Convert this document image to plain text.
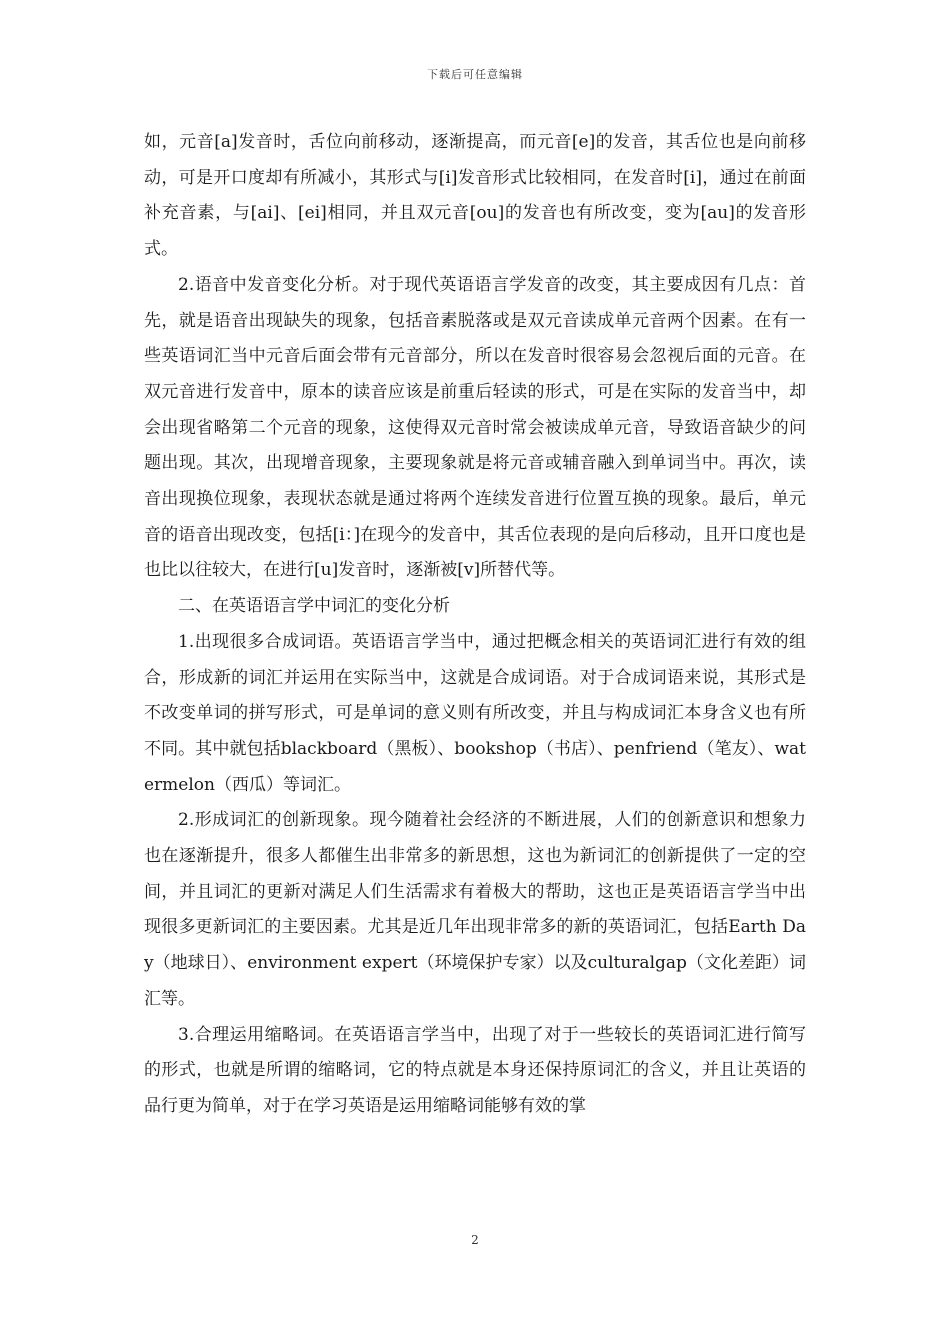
下载后可任意编辑

如，元音[a]发音时，舌位向前移动，逐渐提高，而元音[e]的发音，其舌位也是向前移动，可是开口度却有所减小，其形式与[i]发音形式比较相同，在发音时[i]，通过在前面补充音素，与[ai]、[ei]相同，并且双元音[ou]的发音也有所改变，变为[au]的发音形式。

2.语音中发音变化分析。对于现代英语语言学发音的改变，其主要成因有几点：首先，就是语音出现缺失的现象，包括音素脱落或是双元音读成单元音两个因素。在有一些英语词汇当中元音后面会带有元音部分，所以在发音时很容易会忽视后面的元音。在双元音进行发音中，原本的读音应该是前重后轻读的形式，可是在实际的发音当中，却会出现省略第二个元音的现象，这使得双元音时常会被读成单元音，导致语音缺少的问题出现。其次，出现增音现象，主要现象就是将元音或辅音融入到单词当中。再次，读音出现换位现象，表现状态就是通过将两个连续发音进行位置互换的现象。最后，单元音的语音出现改变，包括[i：]在现今的发音中，其舌位表现的是向后移动，且开口度也是也比以往较大，在进行[u]发音时，逐渐被[v]所替代等。

二、在英语语言学中词汇的变化分析

1.出现很多合成词语。英语语言学当中，通过把概念相关的英语词汇进行有效的组合，形成新的词汇并运用在实际当中，这就是合成词语。对于合成词语来说，其形式是不改变单词的拼写形式，可是单词的意义则有所改变，并且与构成词汇本身含义也有所不同。其中就包括blackboard（黑板）、bookshop（书店）、penfriend（笔友）、watermelon（西瓜）等词汇。

2.形成词汇的创新现象。现今随着社会经济的不断进展，人们的创新意识和想象力也在逐渐提升，很多人都催生出非常多的新思想，这也为新词汇的创新提供了一定的空间，并且词汇的更新对满足人们生活需求有着极大的帮助，这也正是英语语言学当中出现很多更新词汇的主要因素。尤其是近几年出现非常多的新的英语词汇，包括Earth Day（地球日）、environment expert（环境保护专家）以及culturalgap（文化差距）词汇等。

3.合理运用缩略词。在英语语言学当中，出现了对于一些较长的英语词汇进行简写的形式，也就是所谓的缩略词，它的特点就是本身还保持原词汇的含义，并且让英语的品行更为简单，对于在学习英语是运用缩略词能够有效的掌

2
